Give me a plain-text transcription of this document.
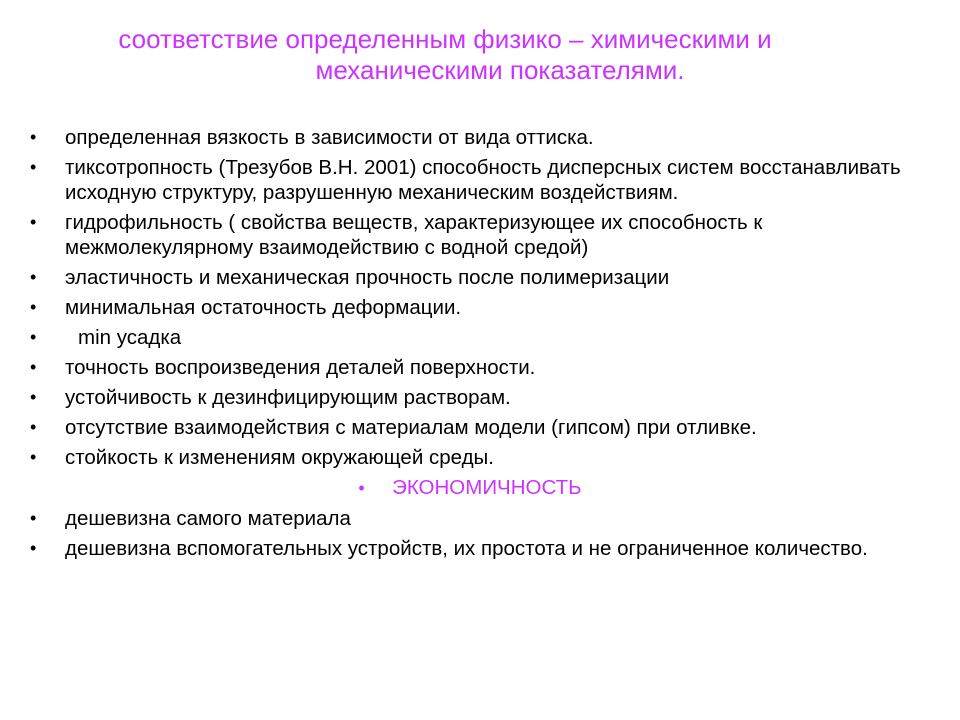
соответствие определенным физико – химическими и
механическими показателями.
•	определенная вязкость в зависимости от вида оттиска.
•	тиксотропность (Трезубов В.Н. 2001) способность дисперсных систем восстанавливать исходную структуру, разрушенную механическим воздействиям.
•	гидрофильность ( свойства веществ, характеризующее их способность к межмолекулярному взаимодействию с водной средой)
•	эластичность и механическая прочность после полимеризации
•	минимальная остаточность деформации.
•	min усадка
•	точность воспроизведения деталей поверхности.
•	устойчивость к дезинфицирующим растворам.
•	отсутствие взаимодействия с материалам модели (гипсом) при отливке.
•	стойкость к изменениям окружающей среды.
• ЭКОНОМИЧНОСТЬ
•	дешевизна самого материала
•	дешевизна вспомогательных устройств, их простота и не ограниченное количество.
